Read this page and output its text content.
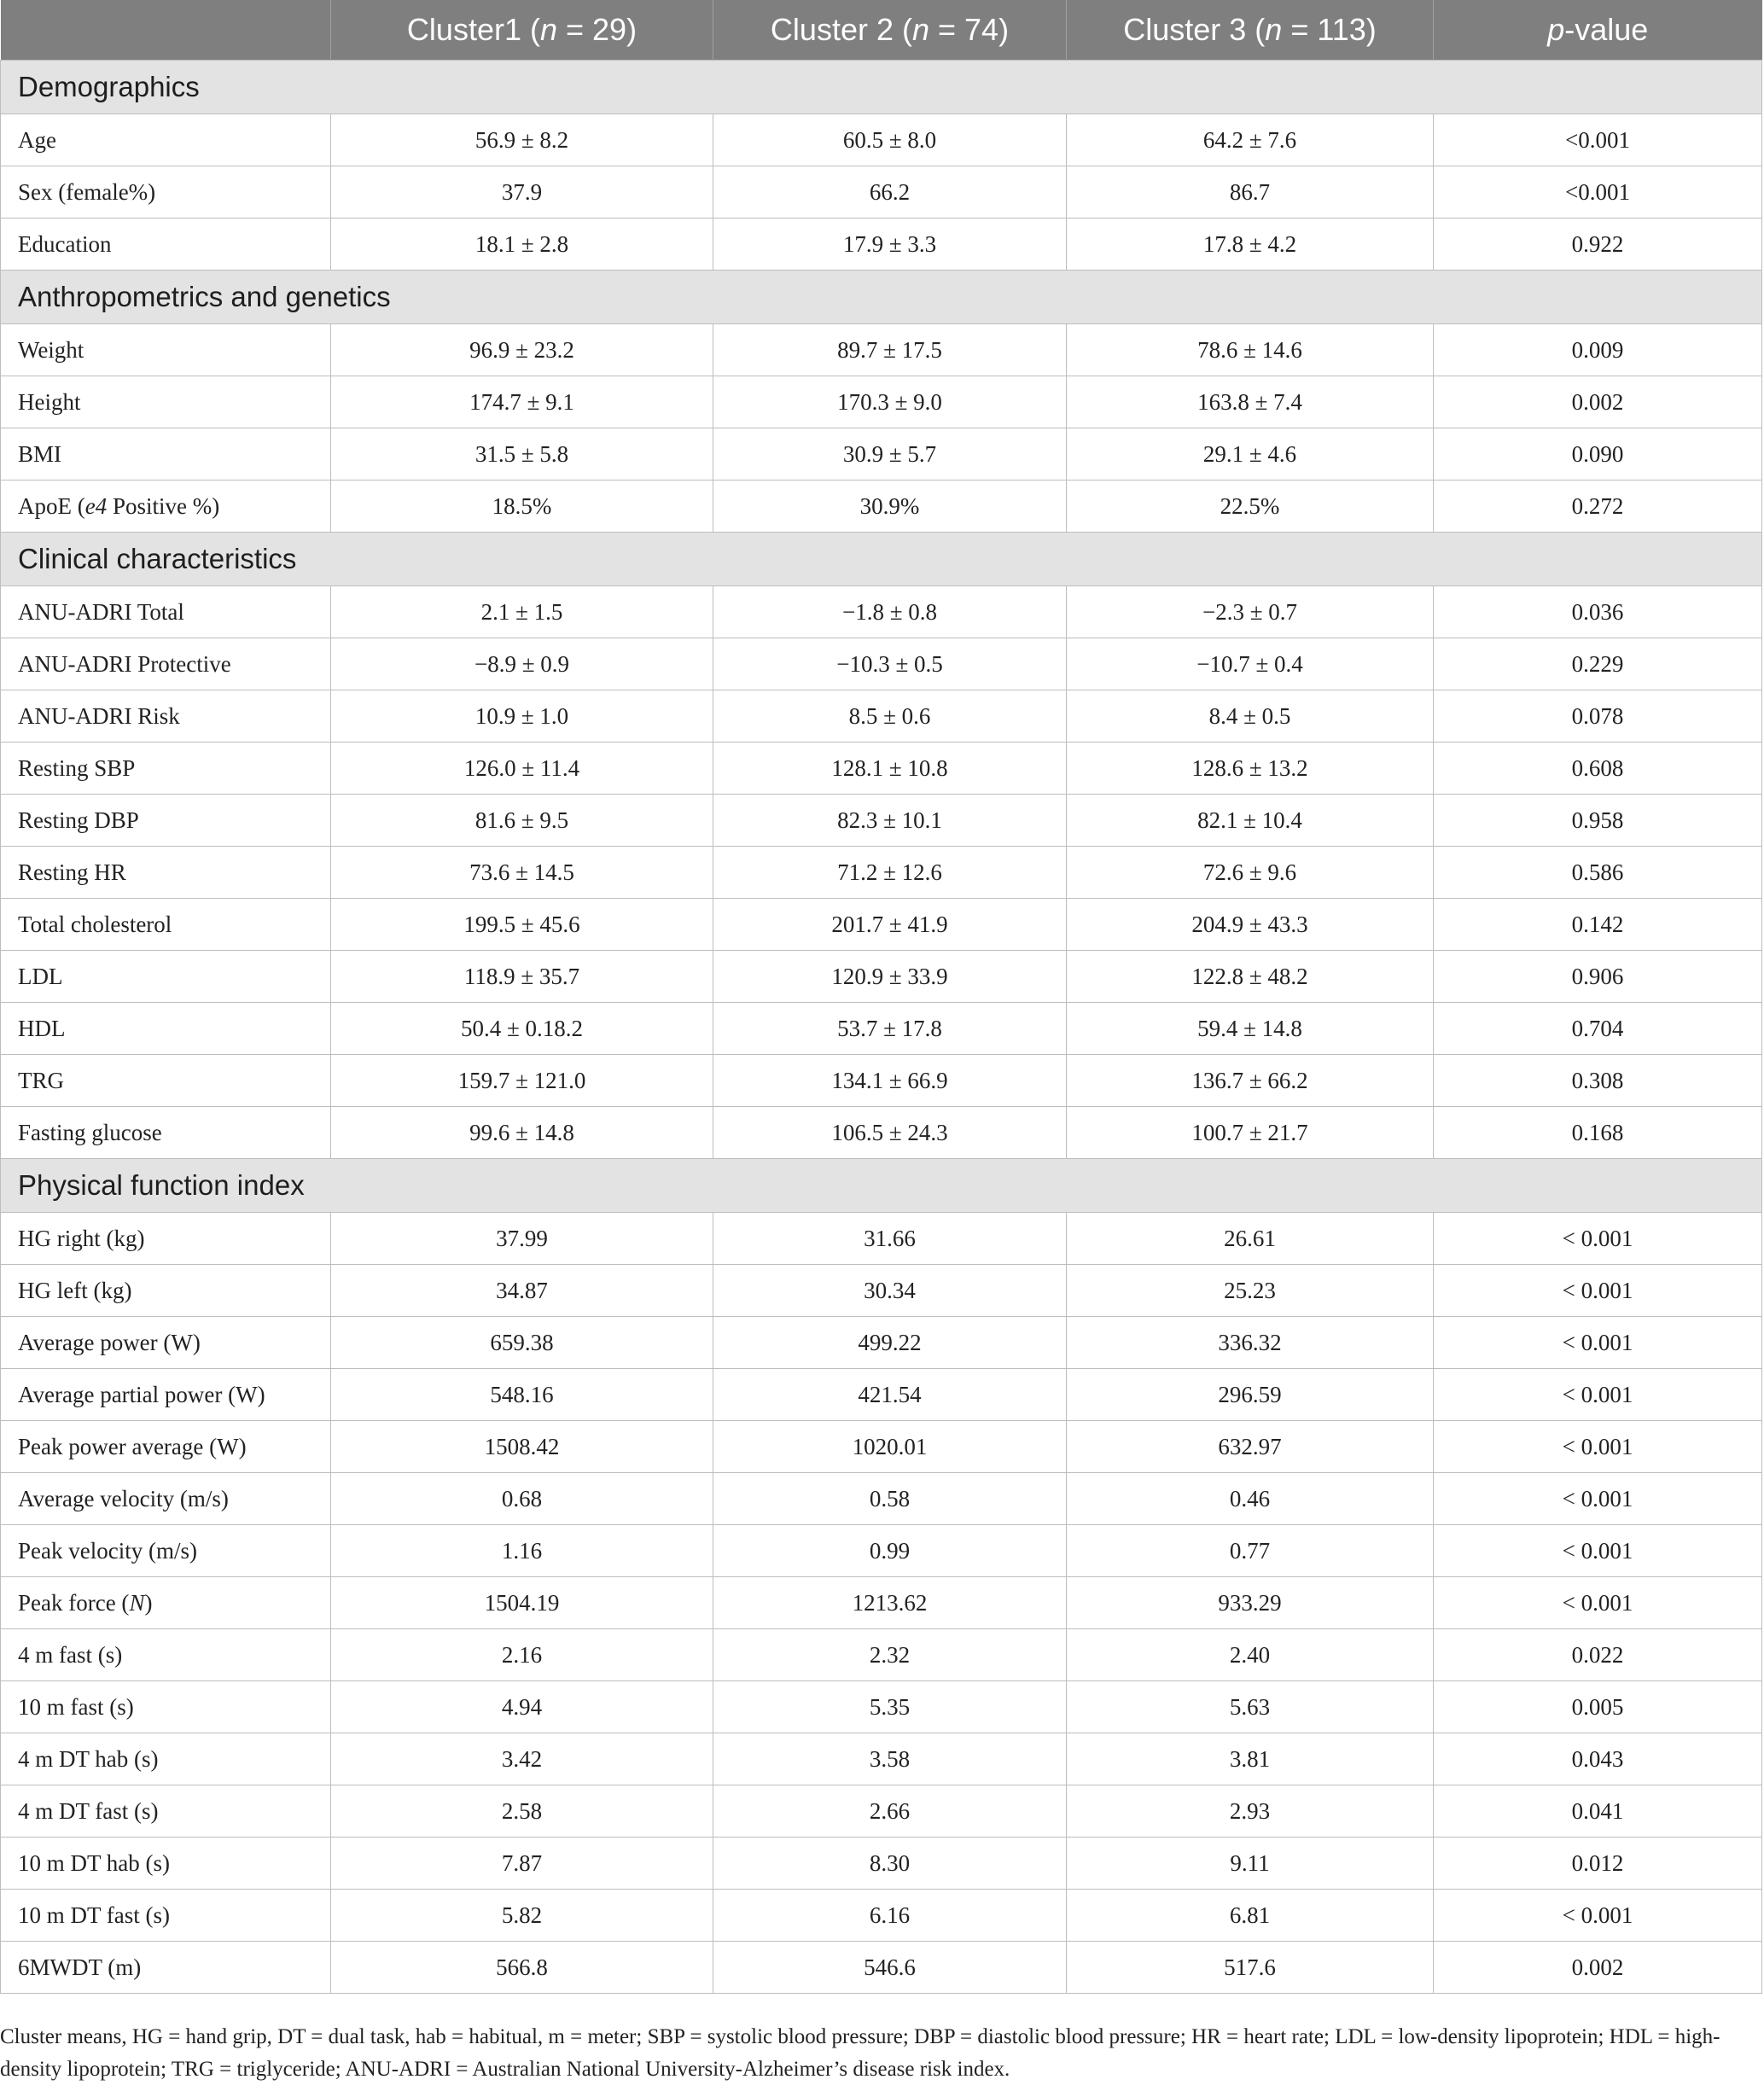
	Cluster1 (n = 29)	Cluster 2 (n = 74)	Cluster 3 (n = 113)	p-value
Demographics				
Age	56.9 ± 8.2	60.5 ± 8.0	64.2 ± 7.6	<0.001
Sex (female%)	37.9	66.2	86.7	<0.001
Education	18.1 ± 2.8	17.9 ± 3.3	17.8 ± 4.2	0.922
Anthropometrics and genetics				
Weight	96.9 ± 23.2	89.7 ± 17.5	78.6 ± 14.6	0.009
Height	174.7 ± 9.1	170.3 ± 9.0	163.8 ± 7.4	0.002
BMI	31.5 ± 5.8	30.9 ± 5.7	29.1 ± 4.6	0.090
ApoE (e4 Positive %)	18.5%	30.9%	22.5%	0.272
Clinical characteristics				
ANU-ADRI Total	2.1 ± 1.5	−1.8 ± 0.8	−2.3 ± 0.7	0.036
ANU-ADRI Protective	−8.9 ± 0.9	−10.3 ± 0.5	−10.7 ± 0.4	0.229
ANU-ADRI Risk	10.9 ± 1.0	8.5 ± 0.6	8.4 ± 0.5	0.078
Resting SBP	126.0 ± 11.4	128.1 ± 10.8	128.6 ± 13.2	0.608
Resting DBP	81.6 ± 9.5	82.3 ± 10.1	82.1 ± 10.4	0.958
Resting HR	73.6 ± 14.5	71.2 ± 12.6	72.6 ± 9.6	0.586
Total cholesterol	199.5 ± 45.6	201.7 ± 41.9	204.9 ± 43.3	0.142
LDL	118.9 ± 35.7	120.9 ± 33.9	122.8 ± 48.2	0.906
HDL	50.4 ± 0.18.2	53.7 ± 17.8	59.4 ± 14.8	0.704
TRG	159.7 ± 121.0	134.1 ± 66.9	136.7 ± 66.2	0.308
Fasting glucose	99.6 ± 14.8	106.5 ± 24.3	100.7 ± 21.7	0.168
Physical function index				
HG right (kg)	37.99	31.66	26.61	< 0.001
HG left (kg)	34.87	30.34	25.23	< 0.001
Average power (W)	659.38	499.22	336.32	< 0.001
Average partial power (W)	548.16	421.54	296.59	< 0.001
Peak power average (W)	1508.42	1020.01	632.97	< 0.001
Average velocity (m/s)	0.68	0.58	0.46	< 0.001
Peak velocity (m/s)	1.16	0.99	0.77	< 0.001
Peak force (N)	1504.19	1213.62	933.29	< 0.001
4 m fast (s)	2.16	2.32	2.40	0.022
10 m fast (s)	4.94	5.35	5.63	0.005
4 m DT hab (s)	3.42	3.58	3.81	0.043
4 m DT fast (s)	2.58	2.66	2.93	0.041
10 m DT hab (s)	7.87	8.30	9.11	0.012
10 m DT fast (s)	5.82	6.16	6.81	< 0.001
6MWDT (m)	566.8	546.6	517.6	0.002
Cluster means, HG = hand grip, DT = dual task, hab = habitual, m = meter; SBP = systolic blood pressure; DBP = diastolic blood pressure; HR = heart rate; LDL = low-density lipoprotein; HDL = high-density lipoprotein; TRG = triglyceride; ANU-ADRI = Australian National University-Alzheimer’s disease risk index.
